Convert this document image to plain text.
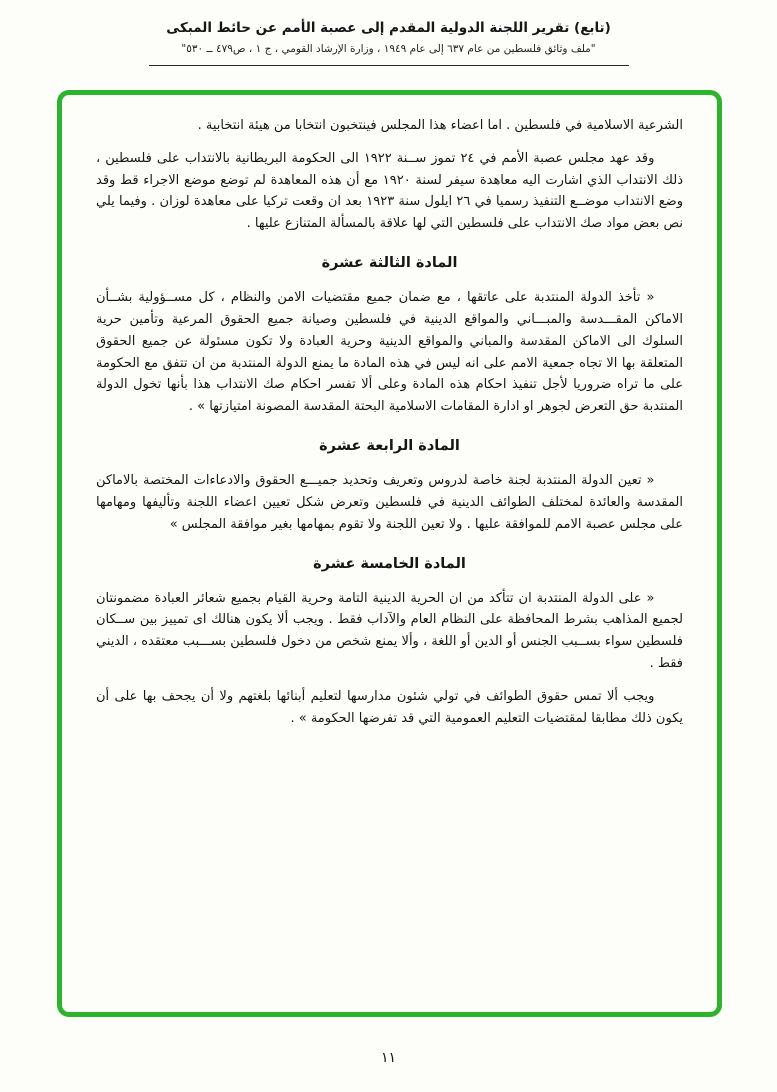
(تابع) تقرير اللجنة الدولية المقدم إلى عصبة الأمم عن حائط المبكى
"ملف وثائق فلسطين من عام ٦٣٧ إلى عام ١٩٤٩ ، وزارة الإرشاد القومي ، ج ١ ، ص٤٧٩ ــ ٥٣٠"

الشرعية الاسلامية في فلسطين . اما اعضاء هذا المجلس فينتخبون انتخابا من هيئة انتخابية .

وقد عهد مجلس عصبة الأمم في ٢٤ تموز ســنة ١٩٢٢ الى الحكومة البريطانية بالانتداب على فلسطين ، ذلك الانتداب الذي اشارت اليه معاهدة سيفر لسنة ١٩٢٠ مع أن هذه المعاهدة لم توضع موضع الاجراء قط وقد وضع الانتداب موضــع التنفيذ رسميا في ٢٦ ايلول سنة ١٩٢٣ بعد ان وقعت تركيا على معاهدة لوزان . وفيما يلي نص بعض مواد صك الانتداب على فلسطين التي لها علاقة بالمسألة المتنازع عليها .

المادة الثالثة عشرة

« تأخذ الدولة المنتدبة على عاتقها ، مع ضمان جميع مقتضيات الامن والنظام ، كل مســؤولية بشــأن الاماكن المقـــدسة والمبـــاني والمواقع الدينية في فلسطين وصيانة جميع الحقوق المرعية وتأمين حرية السلوك الى الاماكن المقدسة والمباني والمواقع الدينية وحرية العبادة ولا تكون مسئولة عن جميع الحقوق المتعلقة بها الا تجاه جمعية الامم على انه ليس في هذه المادة ما يمنع الدولة المنتدبة من ان تتفق مع الحكومة على ما تراه ضروريا لأجل تنفيذ احكام هذه المادة وعلى ألا تفسر احكام صك الانتداب هذا بأنها تخول الدولة المنتدبة حق التعرض لجوهر او ادارة المقامات الاسلامية البحتة المقدسة المصونة امتيازتها » .

المادة الرابعة عشرة

« تعين الدولة المنتدبة لجنة خاصة لدروس وتعريف وتحديد جميـــع الحقوق والادعاءات المختصة بالاماكن المقدسة والعائدة لمختلف الطوائف الدينية في فلسطين وتعرض شكل تعيين اعضاء اللجنة وتأليفها ومهامها على مجلس عصبة الامم للموافقة عليها . ولا تعين اللجنة ولا تقوم بمهامها بغير موافقة المجلس »

المادة الخامسة عشرة

« على الدولة المنتدبة ان تتأكد من ان الحرية الدينية التامة وحرية القيام بجميع شعائر العبادة مضمونتان لجميع المذاهب بشرط المحافظة على النظام العام والآداب فقط . ويجب ألا يكون هنالك اى تمييز بين ســكان فلسطين سواء بســبب الجنس أو الدين أو اللغة ، وألا يمنع شخص من دخول فلسطين بســـبب معتقده ، الديني فقط .

ويجب ألا تمس حقوق الطوائف في تولي شئون مدارسها لتعليم أبنائها بلغتهم ولا أن يجحف بها على أن يكون ذلك مطابقا لمقتضيات التعليم العمومية التي قد تفرضها الحكومة » .

١١
